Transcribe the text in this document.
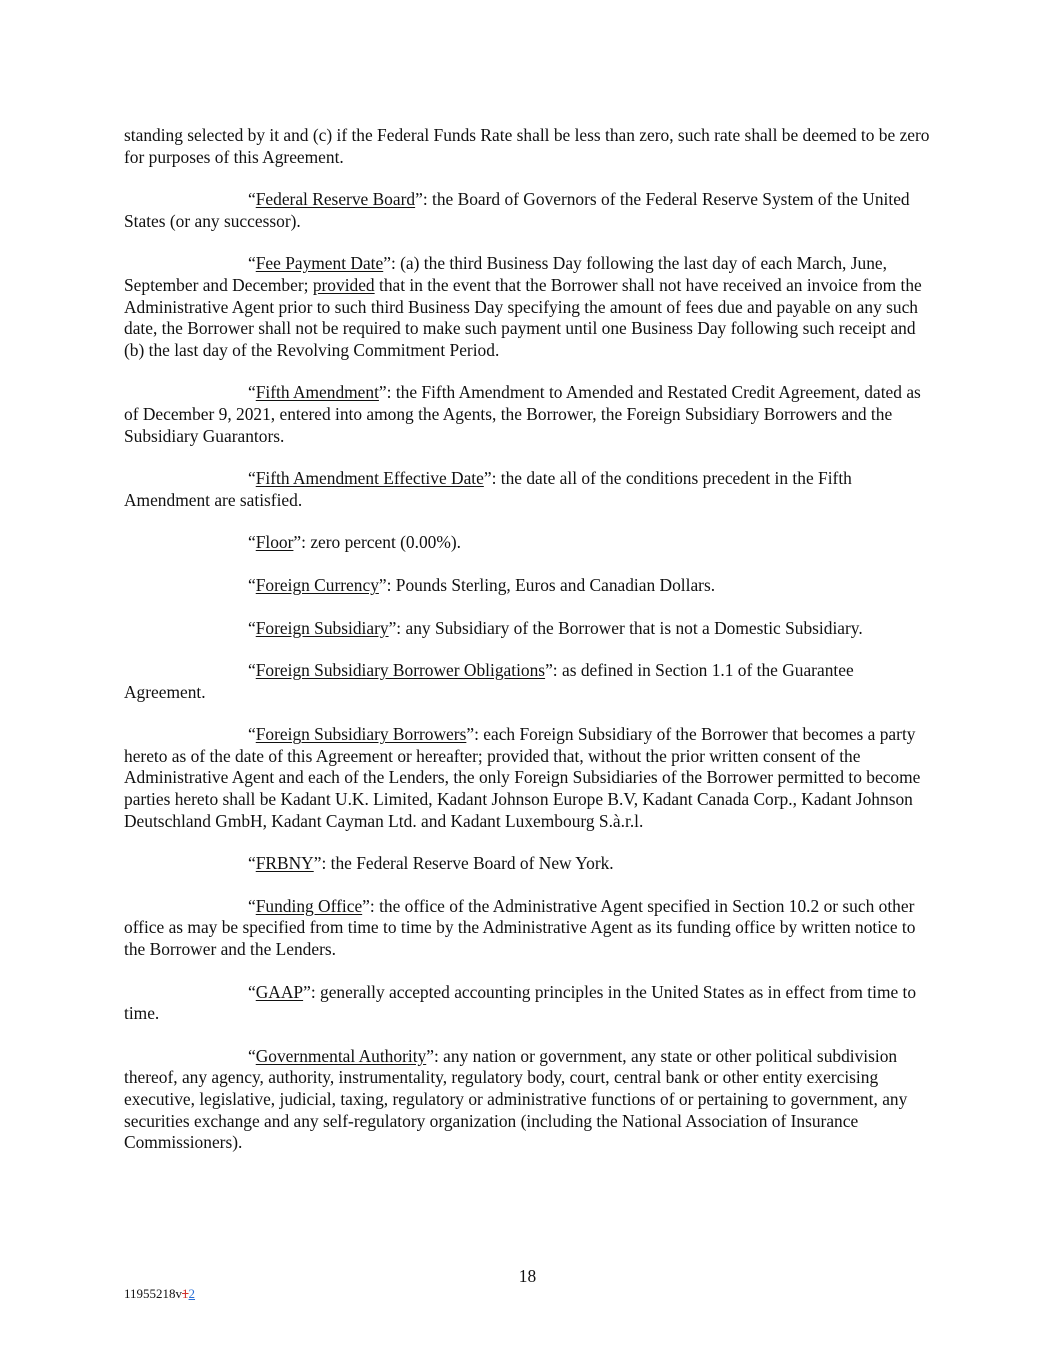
standing selected by it and (c) if the Federal Funds Rate shall be less than zero, such rate shall be deemed to be zero for purposes of this Agreement.

“Federal Reserve Board”: the Board of Governors of the Federal Reserve System of the United States (or any successor).

“Fee Payment Date”: (a) the third Business Day following the last day of each March, June, September and December; provided that in the event that the Borrower shall not have received an invoice from the Administrative Agent prior to such third Business Day specifying the amount of fees due and payable on any such date, the Borrower shall not be required to make such payment until one Business Day following such receipt and (b) the last day of the Revolving Commitment Period.

“Fifth Amendment”: the Fifth Amendment to Amended and Restated Credit Agreement, dated as of December 9, 2021, entered into among the Agents, the Borrower, the Foreign Subsidiary Borrowers and the Subsidiary Guarantors.

“Fifth Amendment Effective Date”: the date all of the conditions precedent in the Fifth Amendment are satisfied.

“Floor”: zero percent (0.00%).

“Foreign Currency”: Pounds Sterling, Euros and Canadian Dollars.

“Foreign Subsidiary”: any Subsidiary of the Borrower that is not a Domestic Subsidiary.

“Foreign Subsidiary Borrower Obligations”: as defined in Section 1.1 of the Guarantee Agreement.

“Foreign Subsidiary Borrowers”: each Foreign Subsidiary of the Borrower that becomes a party hereto as of the date of this Agreement or hereafter; provided that, without the prior written consent of the Administrative Agent and each of the Lenders, the only Foreign Subsidiaries of the Borrower permitted to become parties hereto shall be Kadant U.K. Limited, Kadant Johnson Europe B.V, Kadant Canada Corp., Kadant Johnson Deutschland GmbH, Kadant Cayman Ltd. and Kadant Luxembourg S.à.r.l.

“FRBNY”: the Federal Reserve Board of New York.

“Funding Office”: the office of the Administrative Agent specified in Section 10.2 or such other office as may be specified from time to time by the Administrative Agent as its funding office by written notice to the Borrower and the Lenders.

“GAAP”: generally accepted accounting principles in the United States as in effect from time to time.

“Governmental Authority”: any nation or government, any state or other political subdivision thereof, any agency, authority, instrumentality, regulatory body, court, central bank or other entity exercising executive, legislative, judicial, taxing, regulatory or administrative functions of or pertaining to government, any securities exchange and any self-regulatory organization (including the National Association of Insurance Commissioners).

18
11955218v12
